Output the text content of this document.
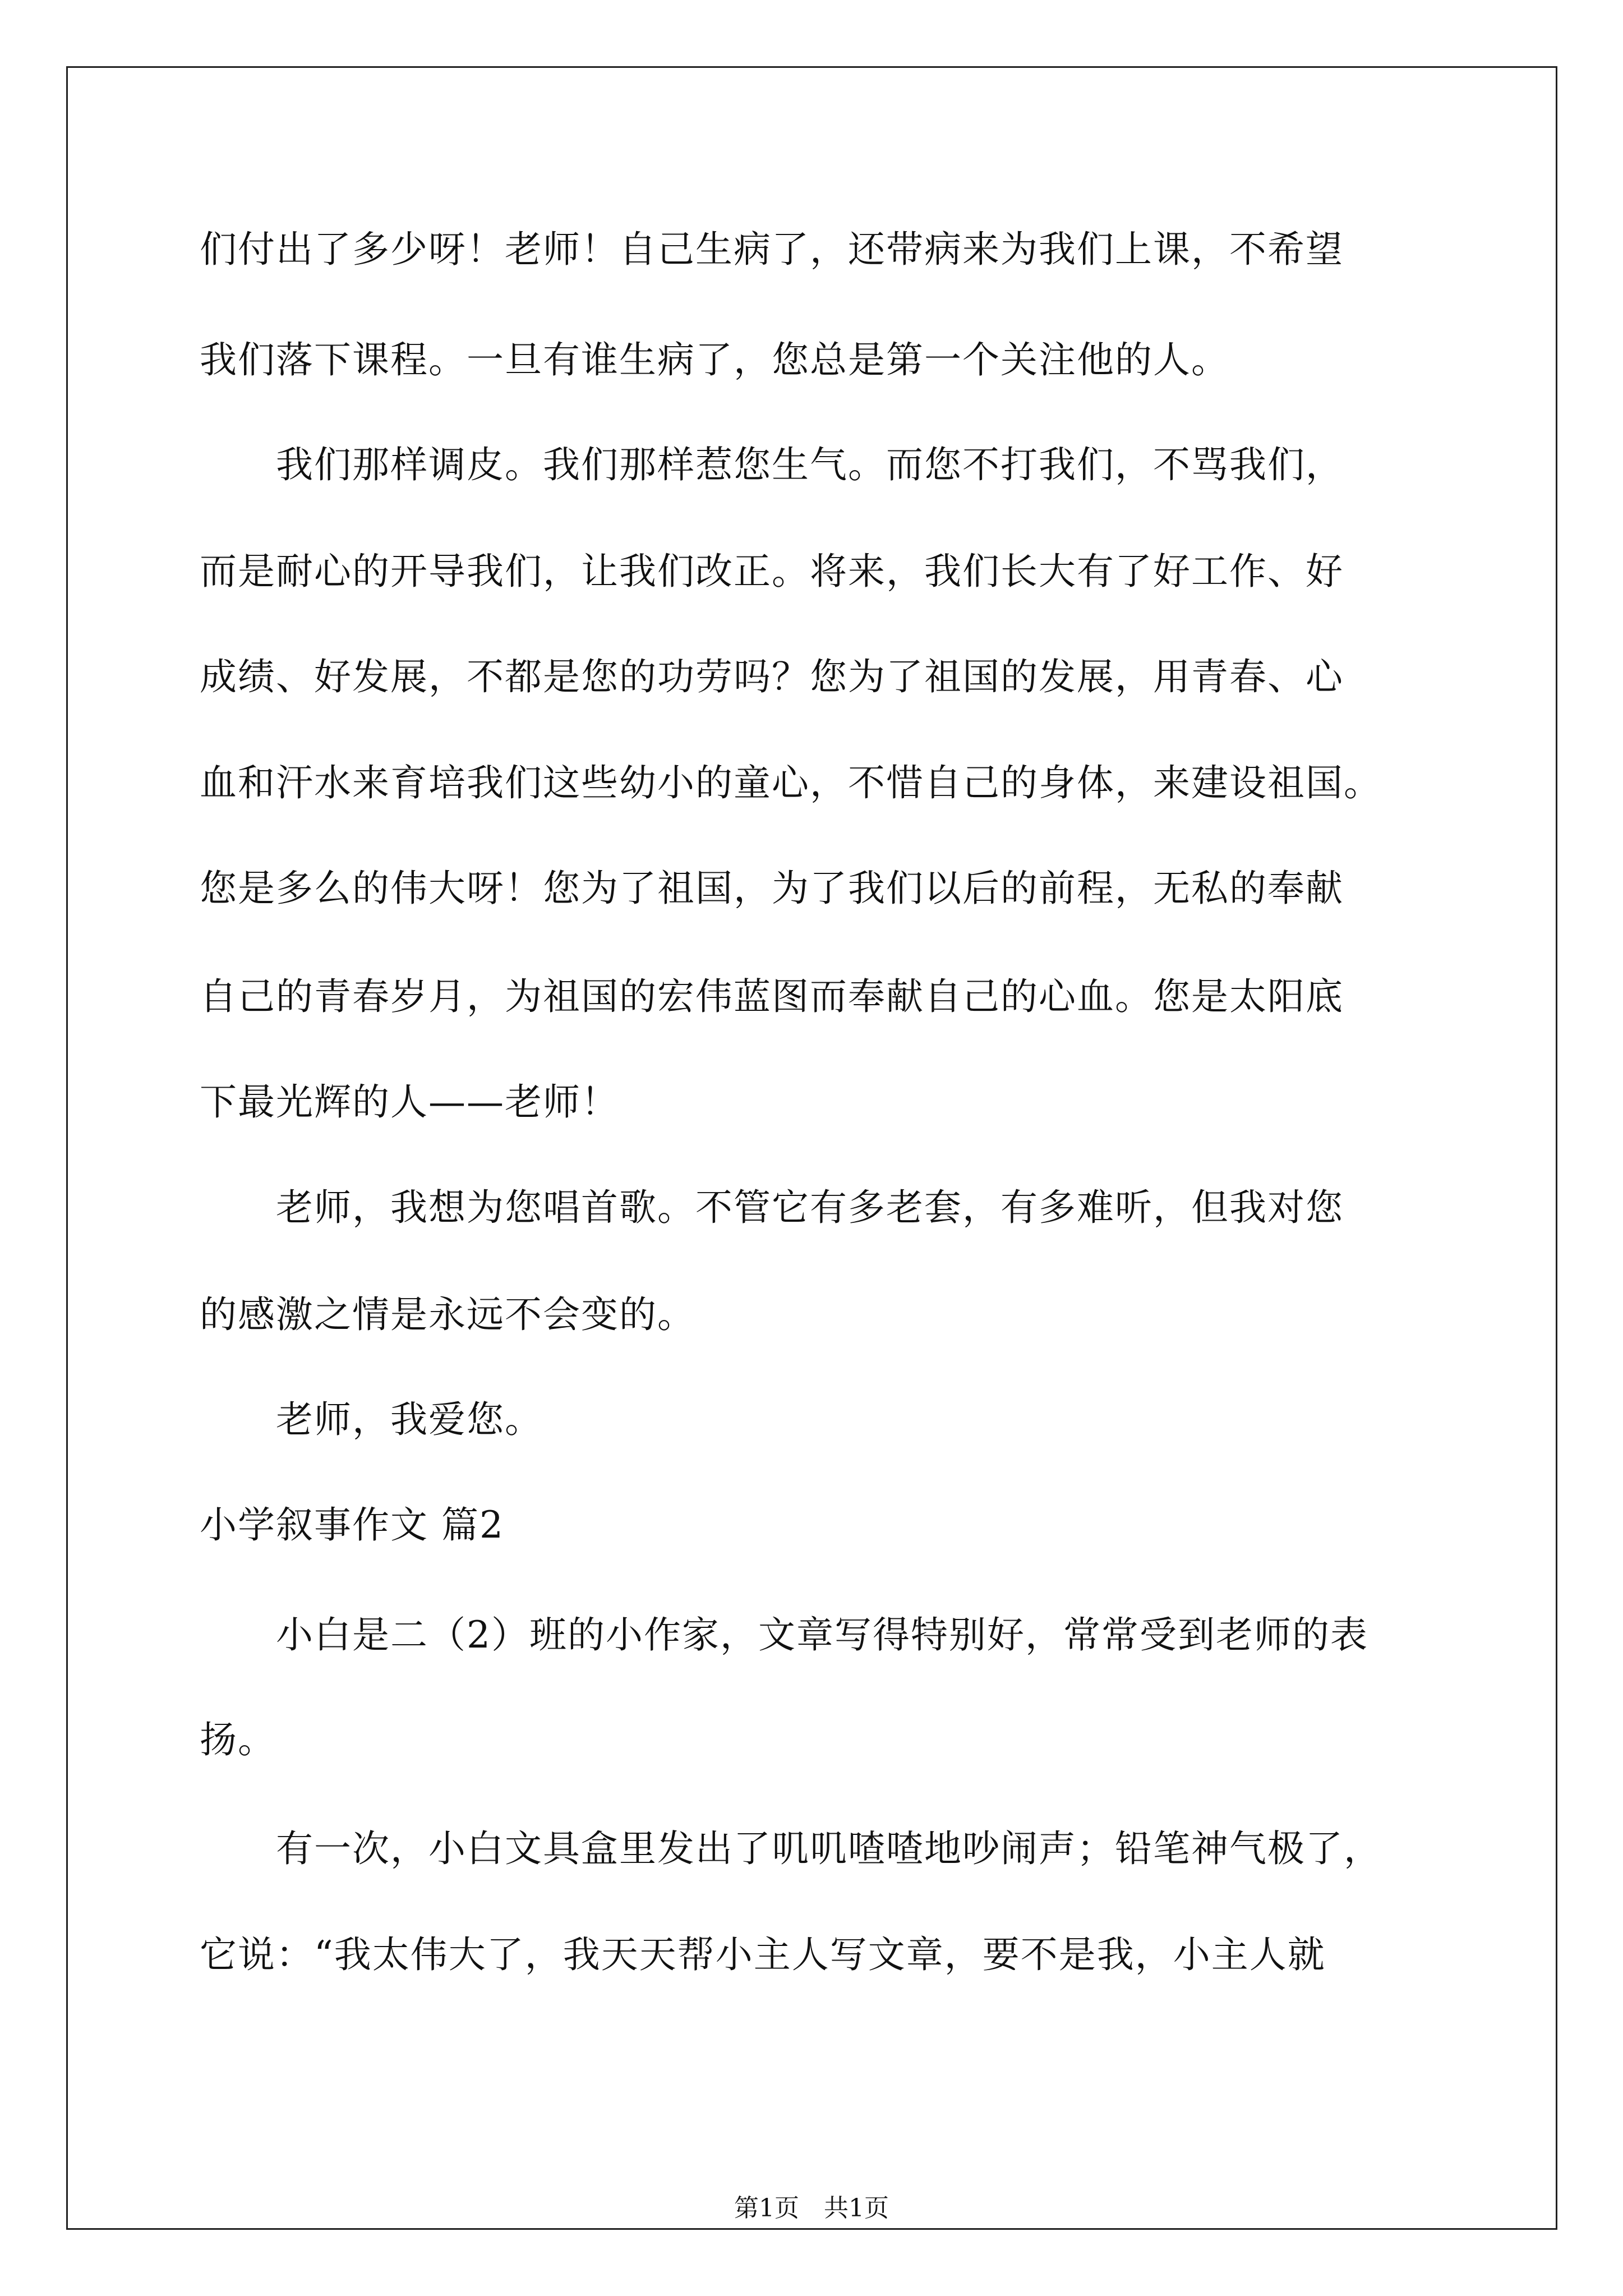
们付出了多少呀！老师！自己生病了，还带病来为我们上课，不希望
我们落下课程。一旦有谁生病了，您总是第一个关注他的人。
　　我们那样调皮。我们那样惹您生气。而您不打我们，不骂我们，
而是耐心的开导我们，让我们改正。将来，我们长大有了好工作、好
成绩、好发展，不都是您的功劳吗？您为了祖国的发展，用青春、心
血和汗水来育培我们这些幼小的童心，不惜自己的身体，来建设祖国。
您是多么的伟大呀！您为了祖国，为了我们以后的前程，无私的奉献
自己的青春岁月，为祖国的宏伟蓝图而奉献自己的心血。您是太阳底
下最光辉的人——老师！
　　老师，我想为您唱首歌。不管它有多老套，有多难听，但我对您
的感激之情是永远不会变的。
　　老师，我爱您。
小学叙事作文 篇2
　　小白是二（2）班的小作家，文章写得特别好，常常受到老师的表
扬。
　　有一次，小白文具盒里发出了叽叽喳喳地吵闹声；铅笔神气极了，
它说：“我太伟大了，我天天帮小主人写文章，要不是我，小主人就
第1页　共1页
